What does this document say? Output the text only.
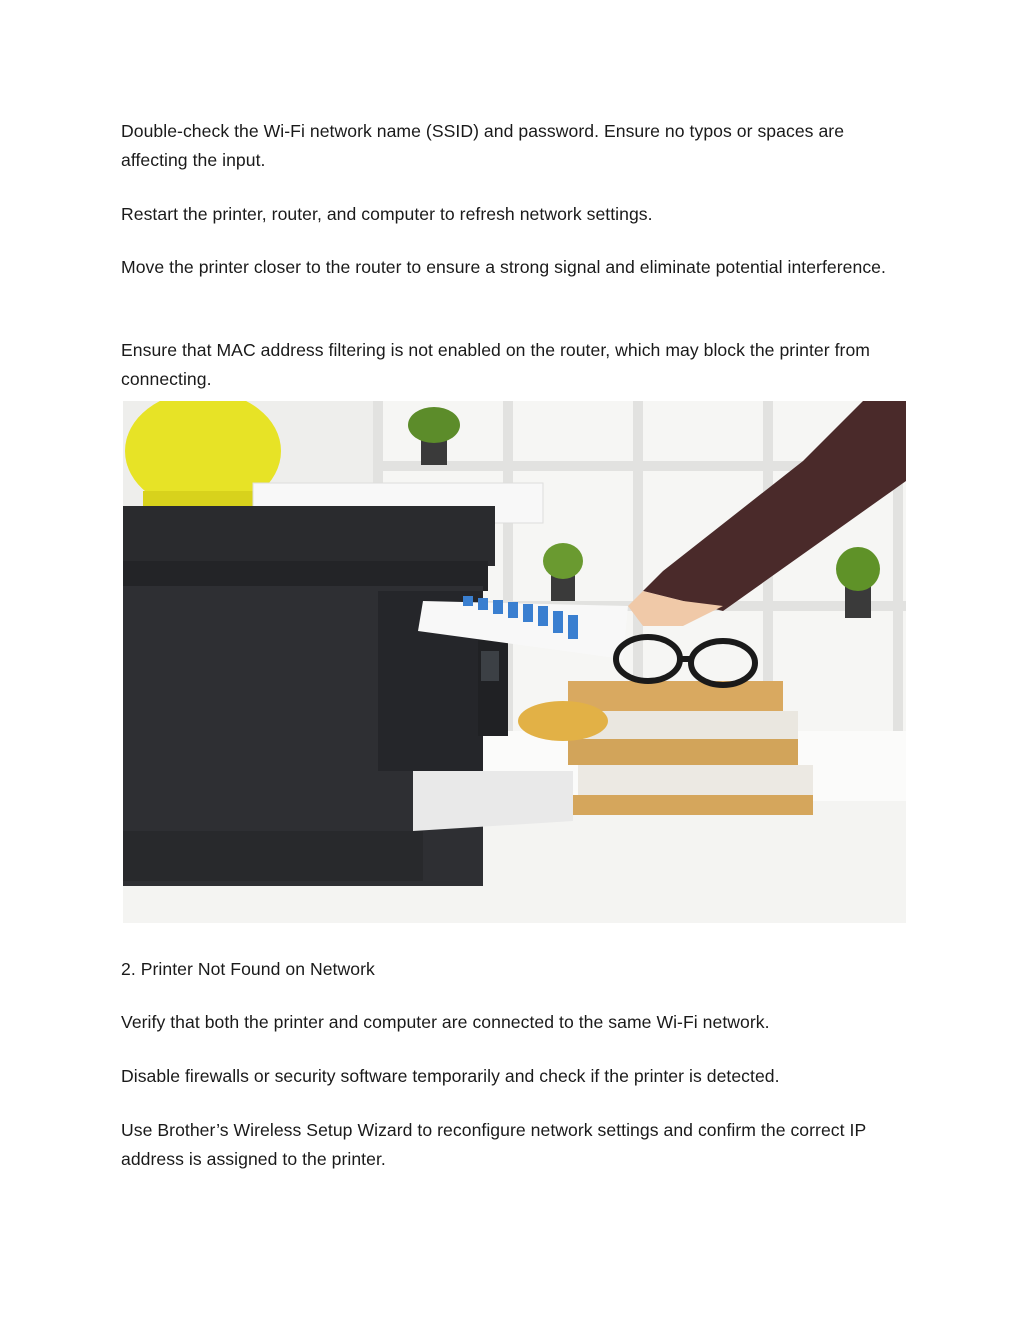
Double-check the Wi-Fi network name (SSID) and password. Ensure no typos or spaces are affecting the input.

Restart the printer, router, and computer to refresh network settings.

Move the printer closer to the router to ensure a strong signal and eliminate potential interference.

Ensure that MAC address filtering is not enabled on the router, which may block the printer from connecting.

2. Printer Not Found on Network

Verify that both the printer and computer are connected to the same Wi-Fi network.

Disable firewalls or security software temporarily and check if the printer is detected.

Use Brother’s Wireless Setup Wizard to reconfigure network settings and confirm the correct IP address is assigned to the printer.
